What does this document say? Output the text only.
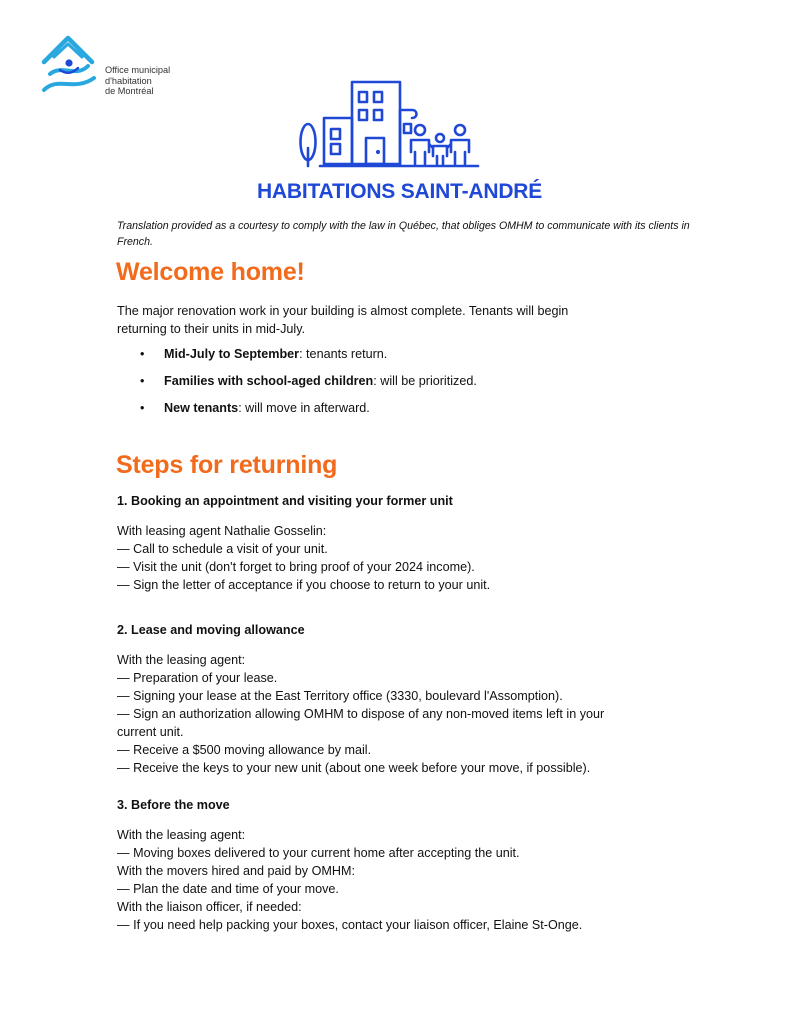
Office municipal
d'habitation
de Montréal
HABITATIONS SAINT-ANDRÉ
Translation provided as a courtesy to comply with the law in Québec, that obliges OMHM to communicate with its clients in French.
Welcome home!
The major renovation work in your building is almost complete. Tenants will begin
returning to their units in mid-July.
• Mid-July to September: tenants return.
• Families with school-aged children: will be prioritized.
• New tenants: will move in afterward.
Steps for returning
1. Booking an appointment and visiting your former unit
With leasing agent Nathalie Gosselin:
— Call to schedule a visit of your unit.
— Visit the unit (don't forget to bring proof of your 2024 income).
— Sign the letter of acceptance if you choose to return to your unit.
2. Lease and moving allowance
With the leasing agent:
— Preparation of your lease.
— Signing your lease at the East Territory office (3330, boulevard l'Assomption).
— Sign an authorization allowing OMHM to dispose of any non-moved items left in your
current unit.
— Receive a $500 moving allowance by mail.
— Receive the keys to your new unit (about one week before your move, if possible).
3. Before the move
With the leasing agent:
— Moving boxes delivered to your current home after accepting the unit.
With the movers hired and paid by OMHM:
— Plan the date and time of your move.
With the liaison officer, if needed:
— If you need help packing your boxes, contact your liaison officer, Elaine St-Onge.
